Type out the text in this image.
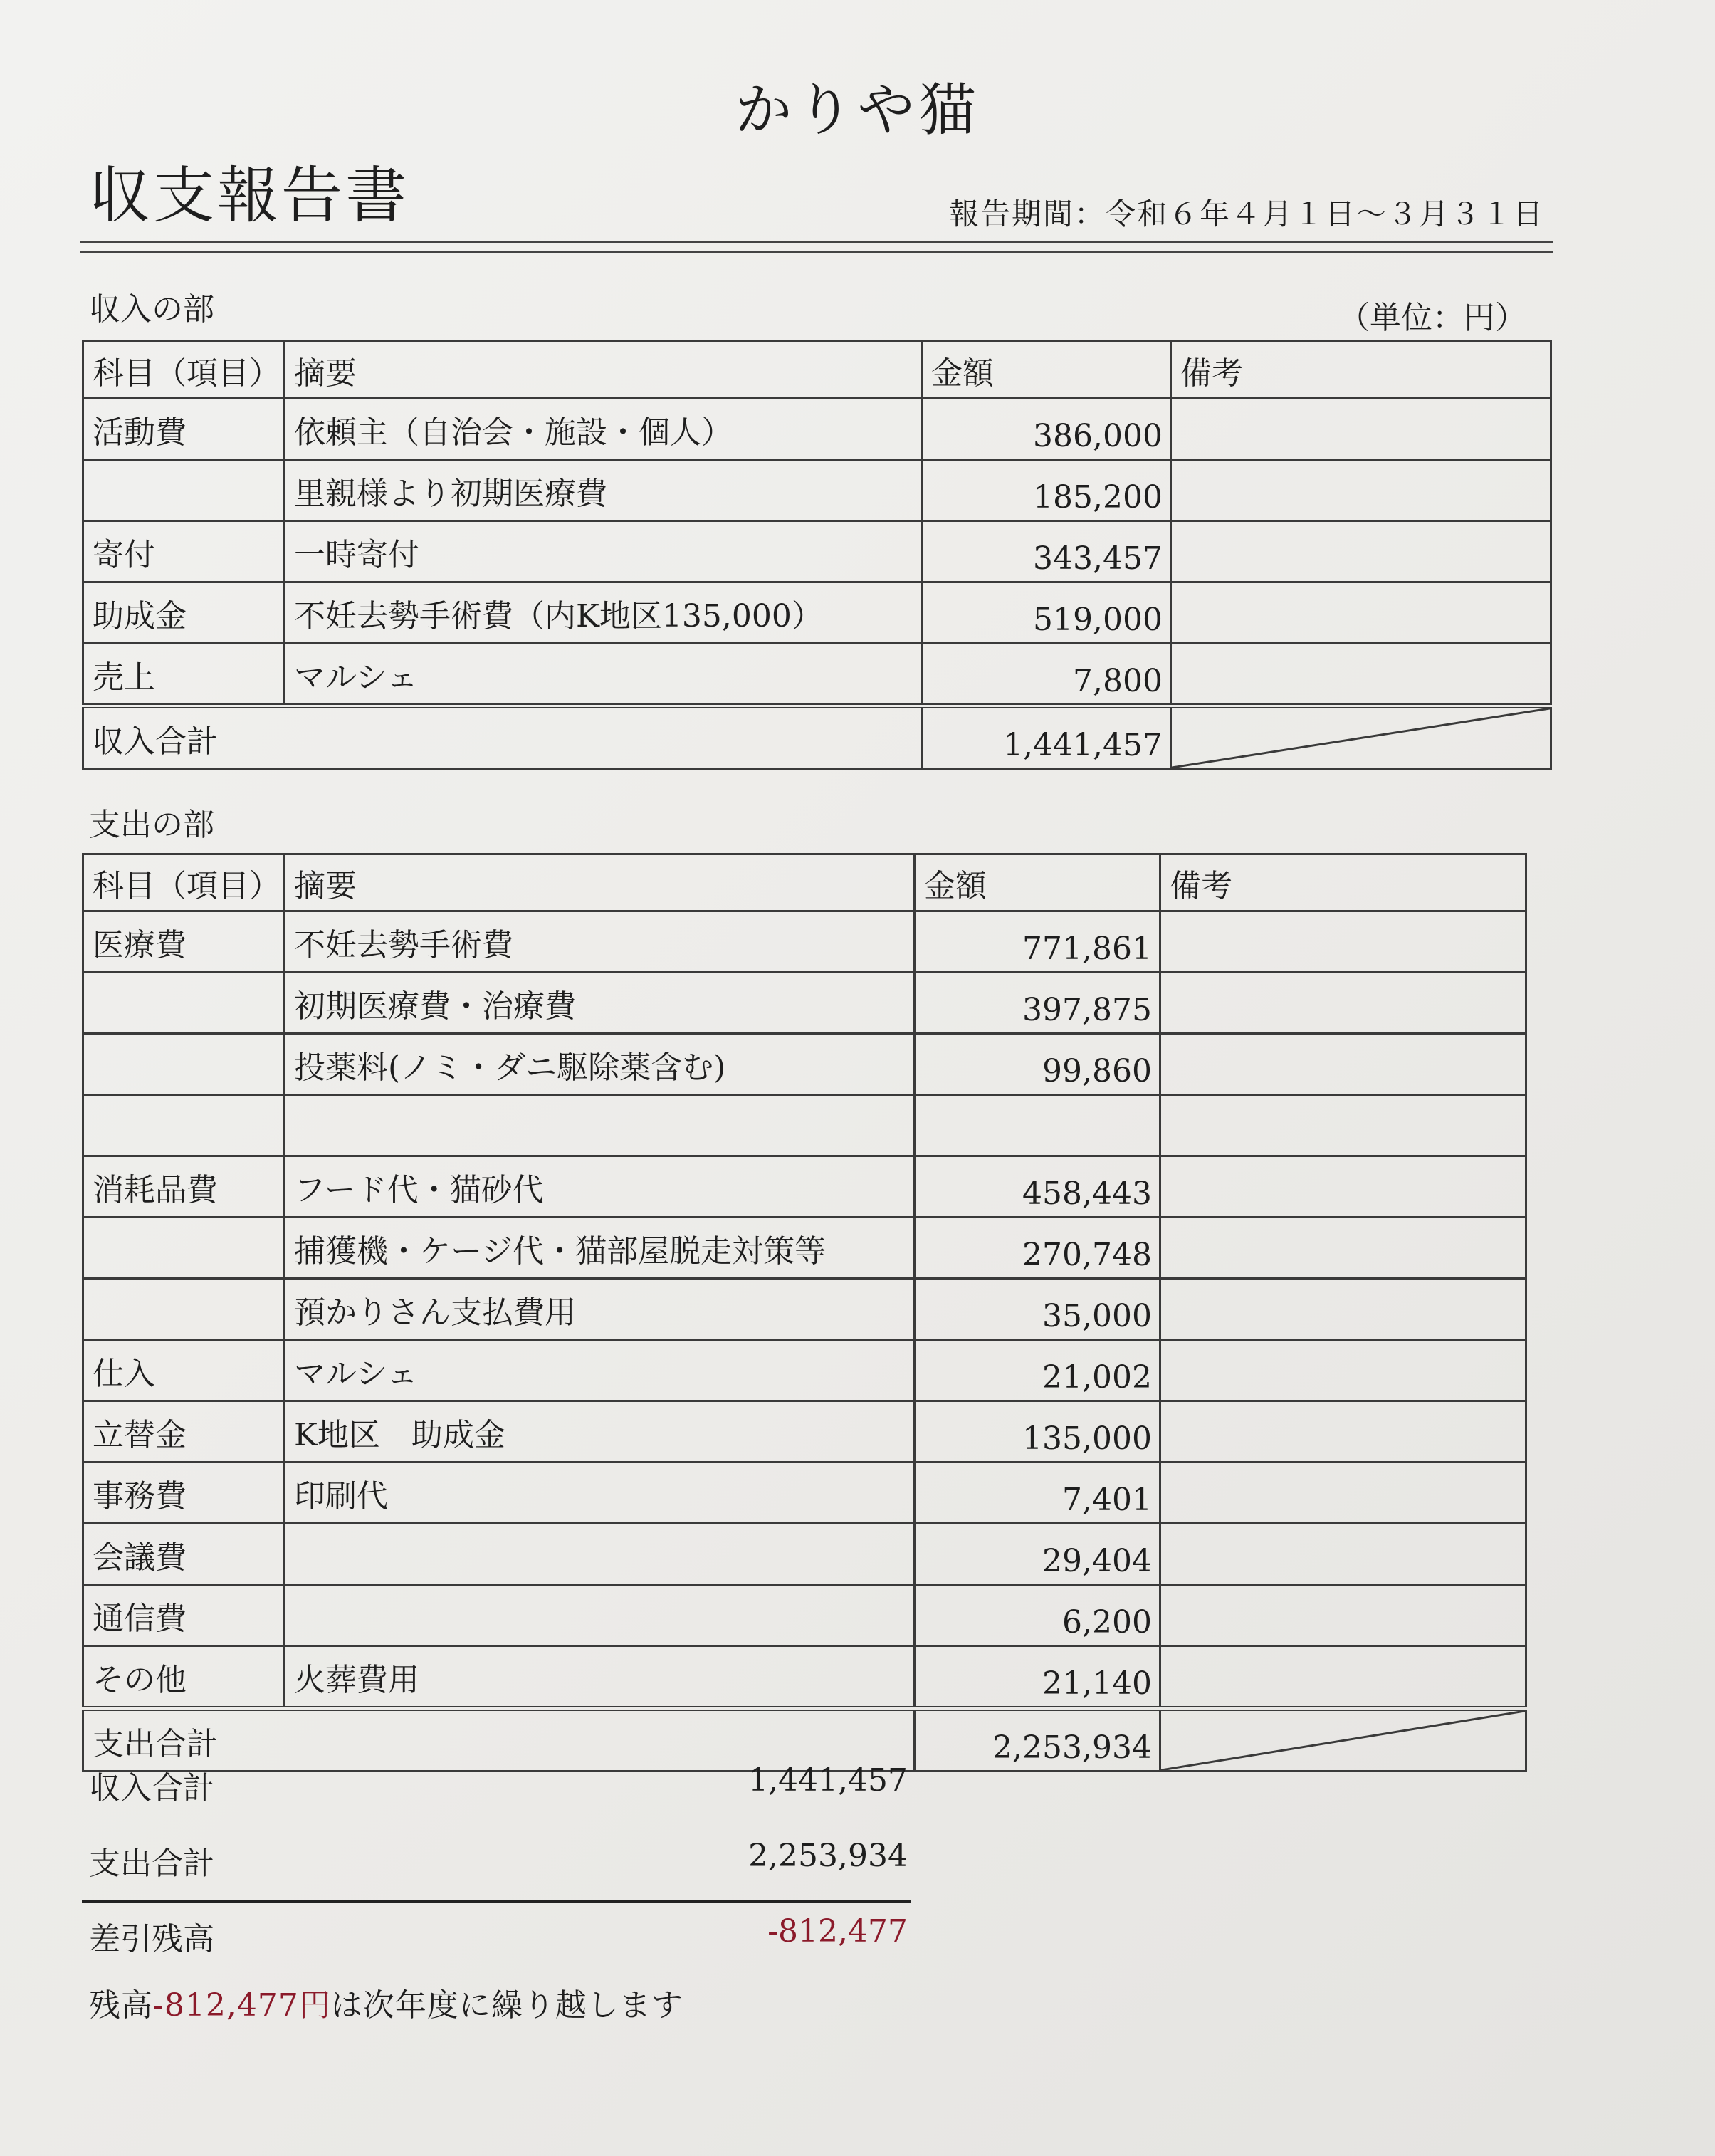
かりや猫
収支報告書	報告期間：令和６年４月１日～３月３１日
収入の部	（単位：円）
科目（項目）	摘要	金額	備考
活動費	依頼主（自治会・施設・個人）	386,000	
	里親様より初期医療費	185,200	
寄付	一時寄付	343,457	
助成金	不妊去勢手術費（内K地区135,000）	519,000	
売上	マルシェ	7,800	
収入合計		1,441,457	
支出の部
科目（項目）	摘要	金額	備考
医療費	不妊去勢手術費	771,861	
	初期医療費・治療費	397,875	
	投薬料(ノミ・ダニ駆除薬含む)	99,860	

消耗品費	フード代・猫砂代	458,443	
	捕獲機・ケージ代・猫部屋脱走対策等	270,748	
	預かりさん支払費用	35,000	
仕入	マルシェ	21,002	
立替金	K地区　助成金	135,000	
事務費	印刷代	7,401	
会議費		29,404	
通信費		6,200	
その他	火葬費用	21,140	
支出合計		2,253,934	
収入合計	1,441,457
支出合計	2,253,934
差引残高	-812,477
残高-812,477円は次年度に繰り越します
